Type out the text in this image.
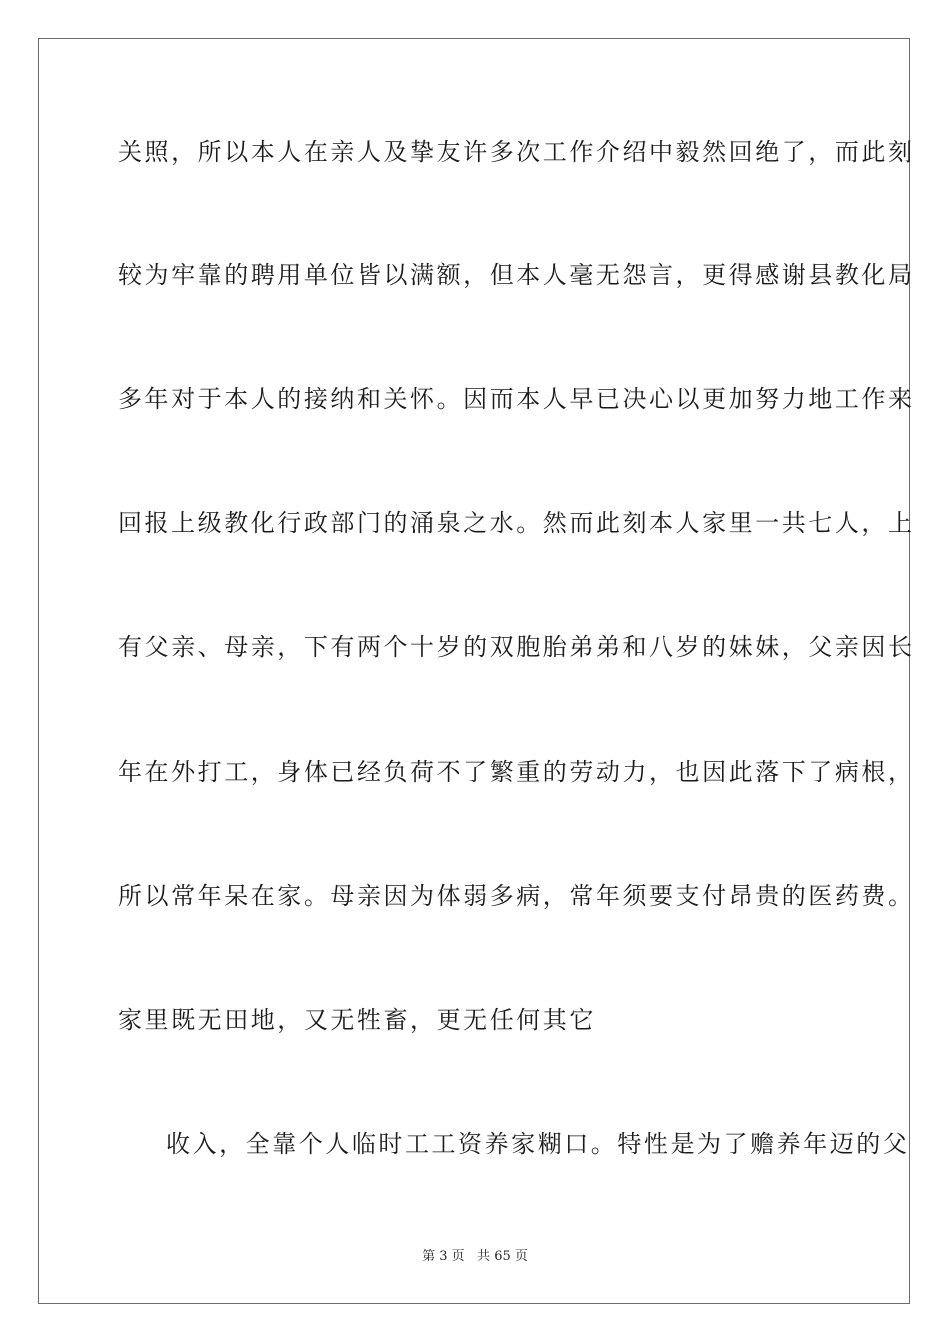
关照，所以本人在亲人及挚友许多次工作介绍中毅然回绝了，而此刻
较为牢靠的聘用单位皆以满额，但本人毫无怨言，更得感谢县教化局
多年对于本人的接纳和关怀。因而本人早已决心以更加努力地工作来
回报上级教化行政部门的涌泉之水。然而此刻本人家里一共七人，上
有父亲、母亲，下有两个十岁的双胞胎弟弟和八岁的妹妹，父亲因长
年在外打工，身体已经负荷不了繁重的劳动力，也因此落下了病根，
所以常年呆在家。母亲因为体弱多病，常年须要支付昂贵的医药费。
家里既无田地，又无牲畜，更无任何其它
收入，全靠个人临时工工资养家糊口。特性是为了赡养年迈的父
第 3 页   共 65 页
